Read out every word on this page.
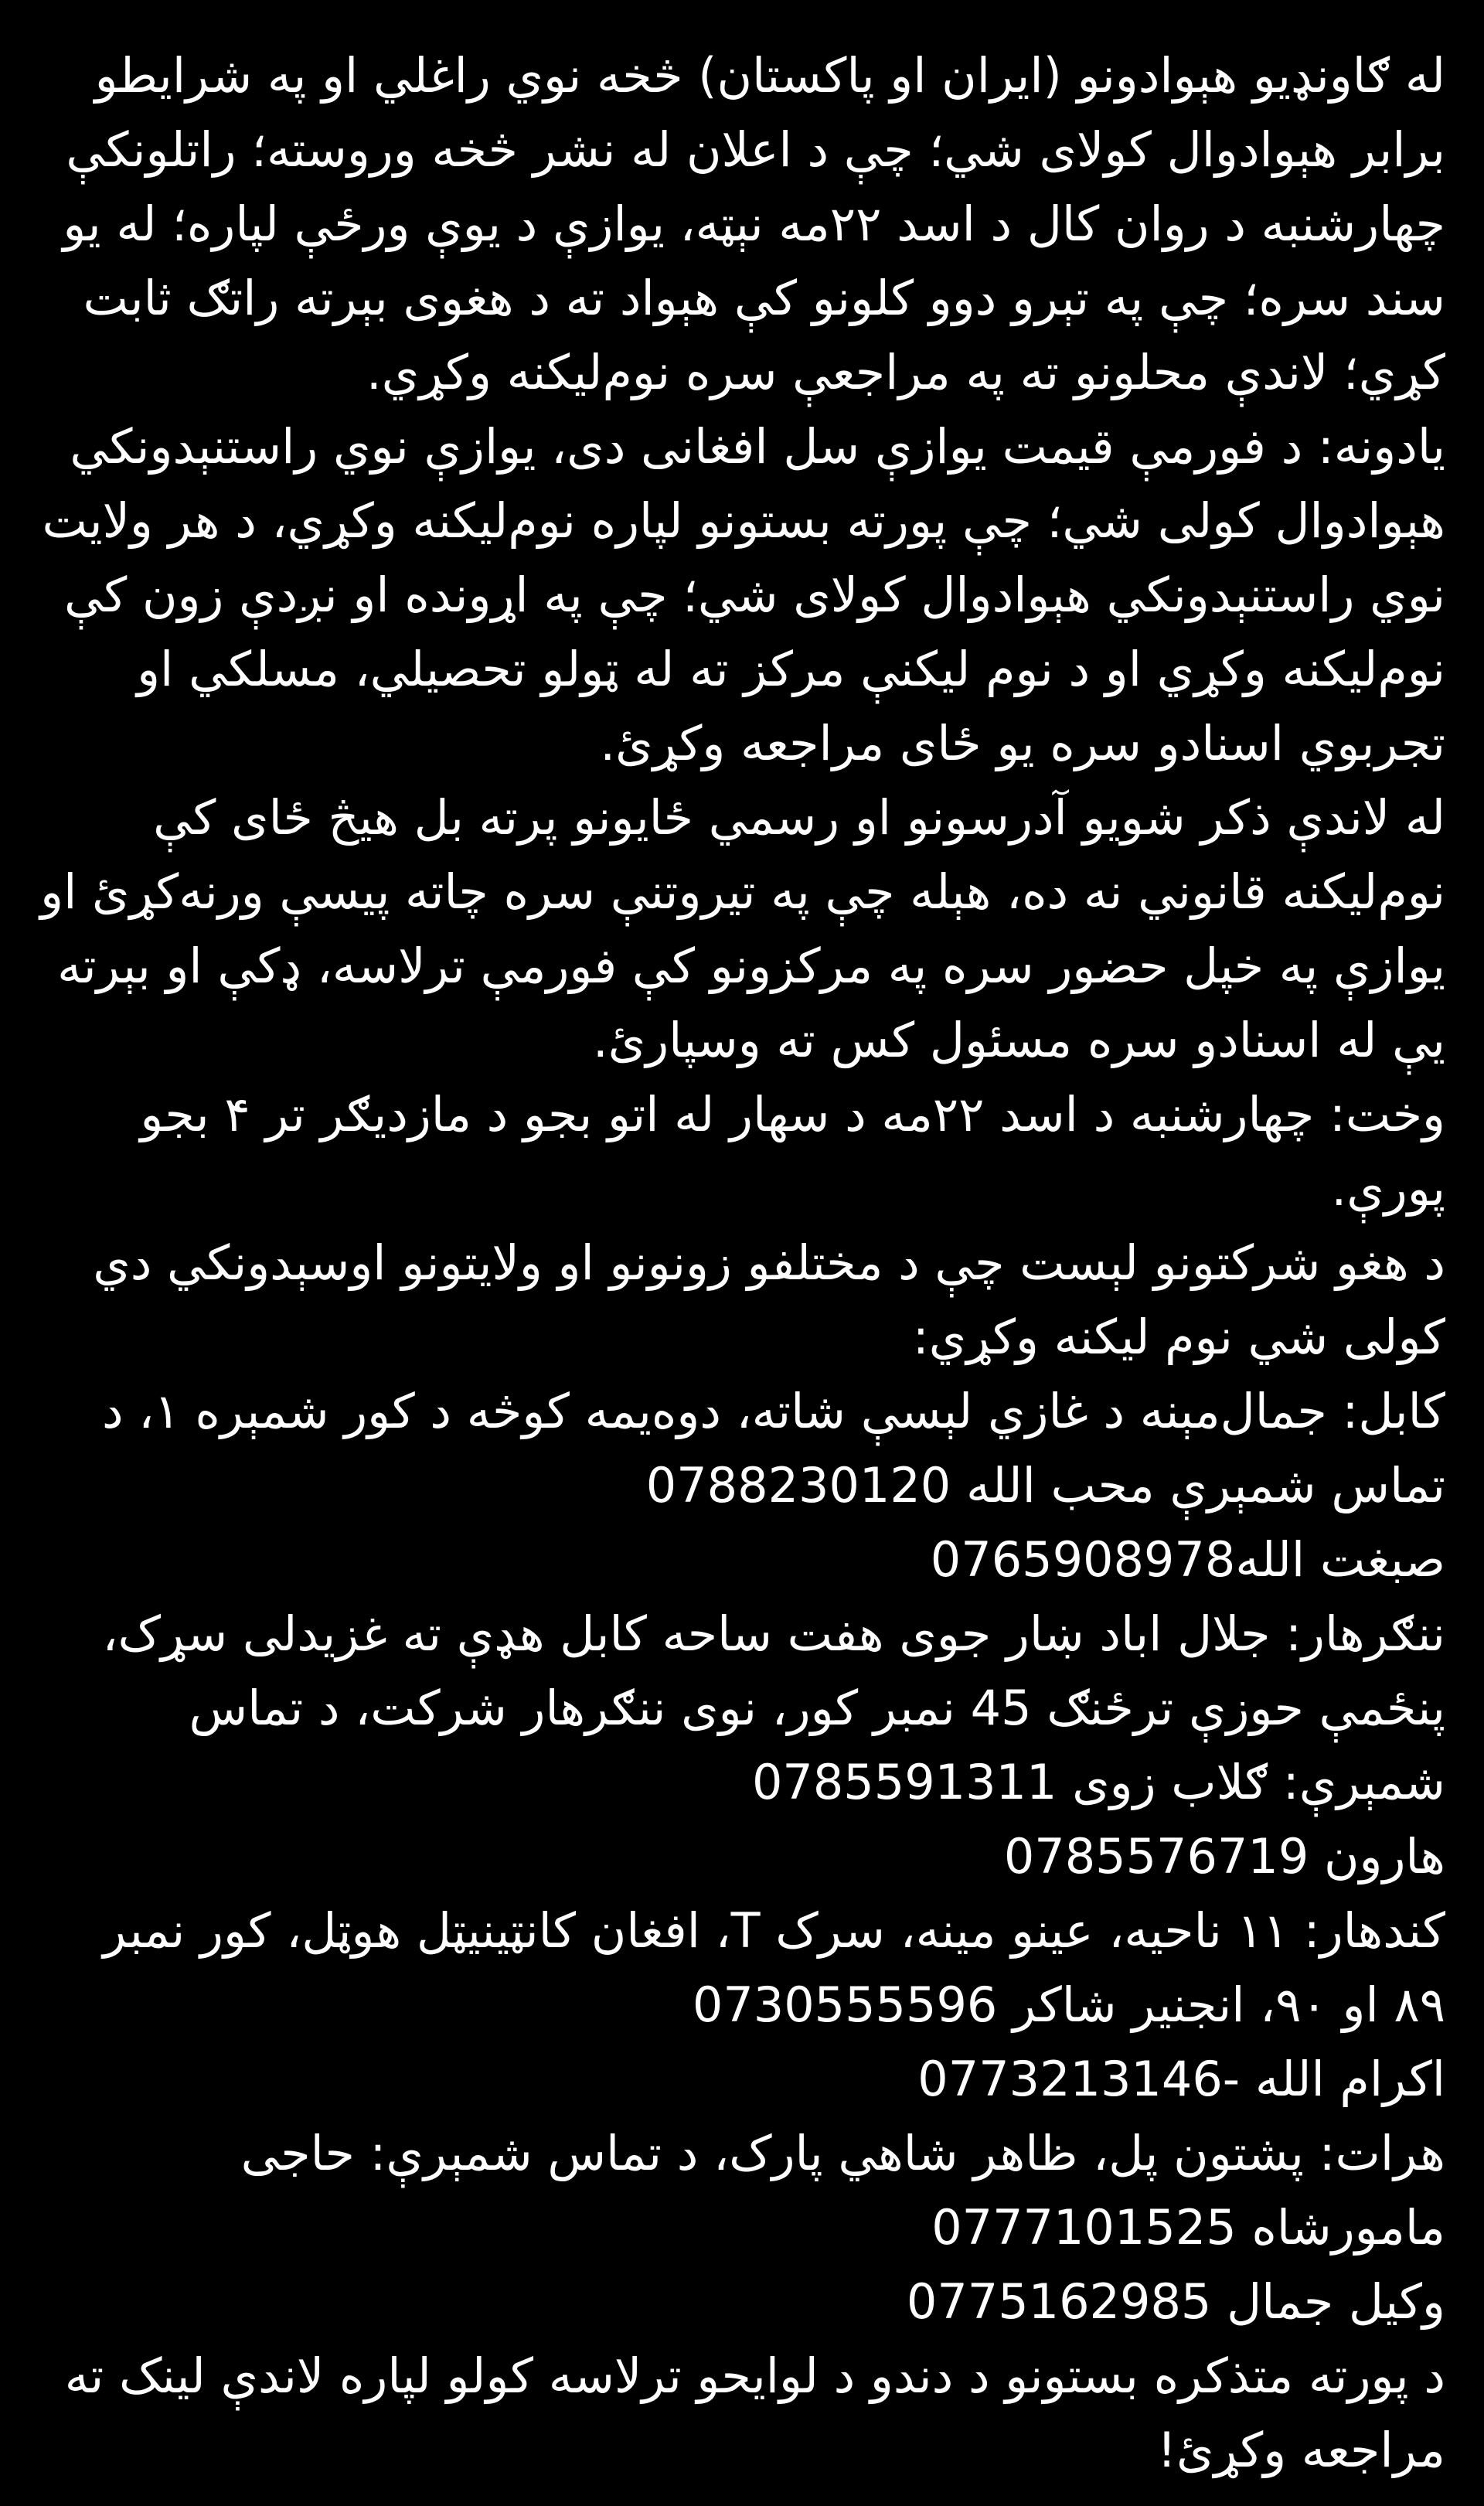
له ګاونډیو هېوادونو (ایران او پاکستان) څخه نوي راغلي او په شرایطو برابر هېوادوال کولای شي؛ چې د اعلان له نشر څخه وروسته؛ راتلونکې چهارشنبه د روان کال د اسد ۲۲مه نېټه، یوازې د یوې ورځې لپاره؛ له یو سند سره؛ چې په تېرو دوو کلونو کې هېواد ته د هغوی بېرته راتګ ثابت کړي؛ لاندې محلونو ته په مراجعې سره نوم‌لیکنه وکړي.

یادونه: د فورمې قیمت یوازې سل افغانی دی، یوازې نوي راستنېدونکي هېوادوال کولی شي؛ چې پورته بستونو لپاره نوم‌لیکنه وکړي، د هر ولایت نوي راستنېدونکي هېوادوال کولای شي؛ چې په اړونده او نږدې زون کې نوم‌لیکنه وکړي او د نوم لیکنې مرکز ته له ټولو تحصیلي، مسلکي او تجربوي اسنادو سره یو ځای مراجعه وکړئ.

له لاندې ذکر شویو آدرسونو او رسمي ځایونو پرته بل هیڅ ځای کې نوم‌لیکنه قانوني نه ده، هېله چې په تیروتنې سره چاته پیسې ورنه‌کړئ او یوازې په خپل حضور سره په مرکزونو کې فورمې ترلاسه، ډکې او بېرته یې له اسنادو سره مسئول کس ته وسپارئ.

وخت: چهارشنبه د اسد ۲۲مه د سهار له اتو بجو د مازدیګر تر ۴ بجو پورې.

د هغو شرکتونو لېست چې د مختلفو زونونو او ولایتونو اوسېدونکي دي کولی شي نوم لیکنه وکړي:

کابل: جمال‌مېنه د غازي لېسې شاته، دوه‌یمه کوڅه د کور شمېره ۱، د تماس شمېرې محب الله 0788230120
صبغت الله0765908978
ننګرهار: جلال اباد ښار جوی هفت ساحه کابل هډې ته غزیدلی سړک، پنځمې حوزې ترځنګ 45 نمبر کور، نوی ننګرهار شرکت، د تماس شمېرې: ګلاب زوی 0785591311
هارون 0785576719
کندهار: ۱۱ ناحیه، عینو مینه، سرک T، افغان کانټینیټل هوټل، کور نمبر ۸۹ او ۹۰، انجنیر شاکر 0730555596
اکرام الله -0773213146
هرات: پشتون پل، ظاهر شاهي پارک، د تماس شمېرې: حاجی مامورشاه 0777101525
وکیل جمال 0775162985

د پورته متذکره بستونو د دندو د لوایحو ترلاسه کولو لپاره لاندې لینک ته مراجعه وکړئ!
